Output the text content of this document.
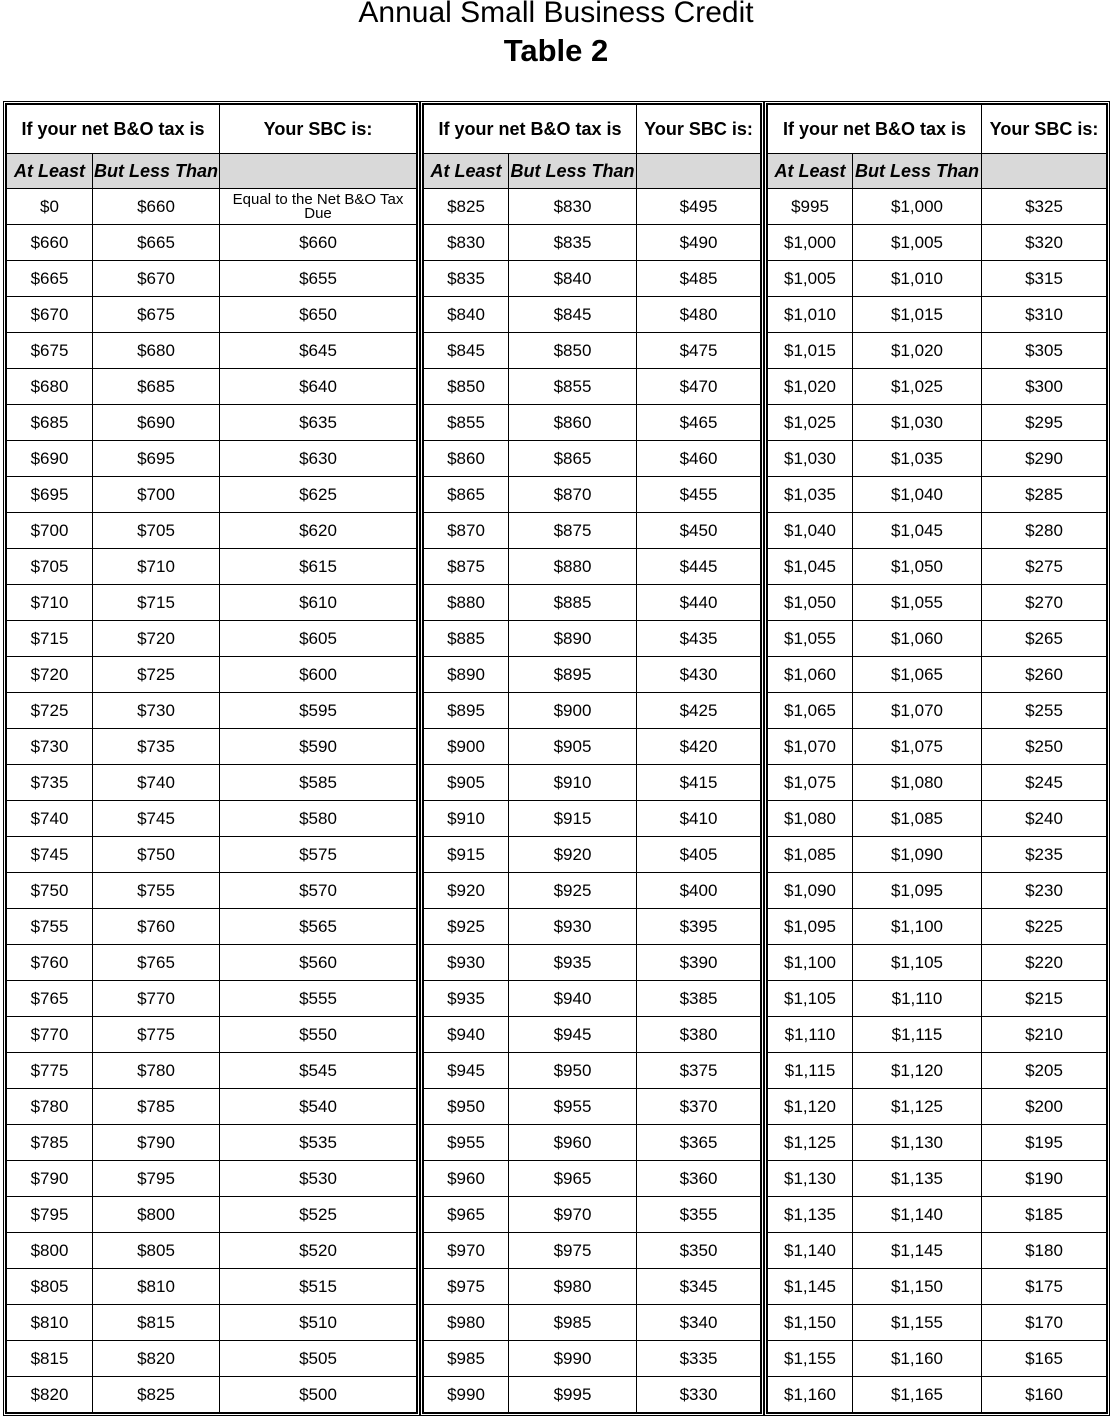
Annual Small Business Credit
Table 2
If your net B&O tax is		Your SBC is:
At Least	But Less Than	
$0	$660	Equal to the Net B&O Tax Due
$660	$665	$660
$665	$670	$655
$670	$675	$650
$675	$680	$645
$680	$685	$640
$685	$690	$635
$690	$695	$630
$695	$700	$625
$700	$705	$620
$705	$710	$615
$710	$715	$610
$715	$720	$605
$720	$725	$600
$725	$730	$595
$730	$735	$590
$735	$740	$585
$740	$745	$580
$745	$750	$575
$750	$755	$570
$755	$760	$565
$760	$765	$560
$765	$770	$555
$770	$775	$550
$775	$780	$545
$780	$785	$540
$785	$790	$535
$790	$795	$530
$795	$800	$525
$800	$805	$520
$805	$810	$515
$810	$815	$510
$815	$820	$505
$820	$825	$500
If your net B&O tax is		Your SBC is:
At Least	But Less Than	
$825	$830	$495
$830	$835	$490
$835	$840	$485
$840	$845	$480
$845	$850	$475
$850	$855	$470
$855	$860	$465
$860	$865	$460
$865	$870	$455
$870	$875	$450
$875	$880	$445
$880	$885	$440
$885	$890	$435
$890	$895	$430
$895	$900	$425
$900	$905	$420
$905	$910	$415
$910	$915	$410
$915	$920	$405
$920	$925	$400
$925	$930	$395
$930	$935	$390
$935	$940	$385
$940	$945	$380
$945	$950	$375
$950	$955	$370
$955	$960	$365
$960	$965	$360
$965	$970	$355
$970	$975	$350
$975	$980	$345
$980	$985	$340
$985	$990	$335
$990	$995	$330
If your net B&O tax is		Your SBC is:
At Least	But Less Than	
$995	$1,000	$325
$1,000	$1,005	$320
$1,005	$1,010	$315
$1,010	$1,015	$310
$1,015	$1,020	$305
$1,020	$1,025	$300
$1,025	$1,030	$295
$1,030	$1,035	$290
$1,035	$1,040	$285
$1,040	$1,045	$280
$1,045	$1,050	$275
$1,050	$1,055	$270
$1,055	$1,060	$265
$1,060	$1,065	$260
$1,065	$1,070	$255
$1,070	$1,075	$250
$1,075	$1,080	$245
$1,080	$1,085	$240
$1,085	$1,090	$235
$1,090	$1,095	$230
$1,095	$1,100	$225
$1,100	$1,105	$220
$1,105	$1,110	$215
$1,110	$1,115	$210
$1,115	$1,120	$205
$1,120	$1,125	$200
$1,125	$1,130	$195
$1,130	$1,135	$190
$1,135	$1,140	$185
$1,140	$1,145	$180
$1,145	$1,150	$175
$1,150	$1,155	$170
$1,155	$1,160	$165
$1,160	$1,165	$160
